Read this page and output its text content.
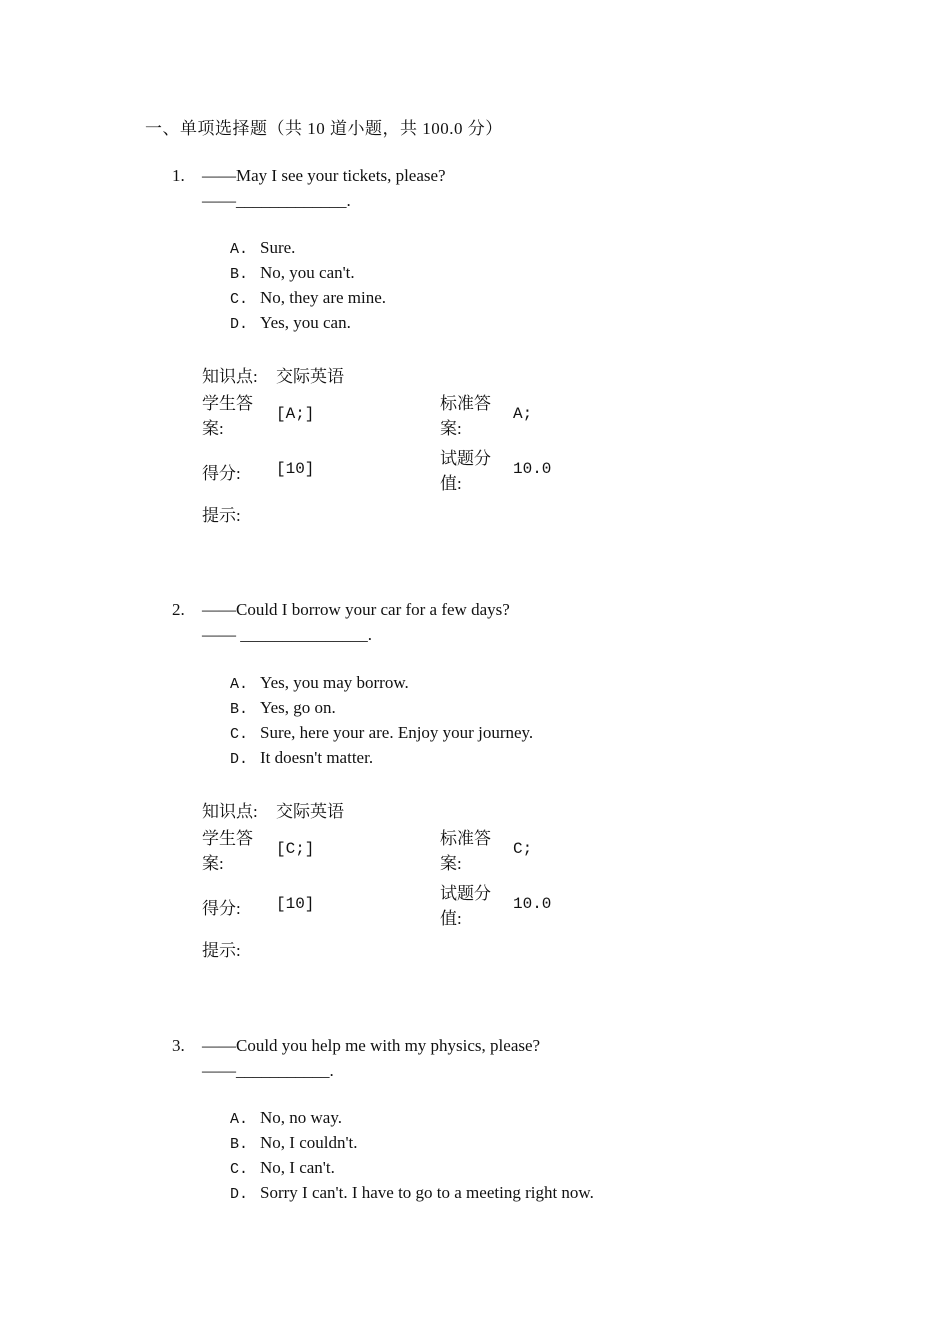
一、单项选择题（共 10 道小题，共 100.0 分）
1. ——May I see your tickets, please?
——_____________.
A. Sure.
B. No, you can't.
C. No, they are mine.
D. Yes, you can.
知识点: 交际英语
学生答
案:
[A;]
标准答
案:
A;
得分: [10]
试题分
值:
10.0
提示:
2. ——Could I borrow your car for a few days?
—— _______________.
A. Yes, you may borrow.
B. Yes, go on.
C. Sure, here your are. Enjoy your journey.
D. It doesn't matter.
知识点: 交际英语
学生答
案:
[C;]
标准答
案:
C;
得分: [10]
试题分
值:
10.0
提示:
3. ——Could you help me with my physics, please?
——___________.
A. No, no way.
B. No, I couldn't.
C. No, I can't.
D. Sorry I can't. I have to go to a meeting right now.
